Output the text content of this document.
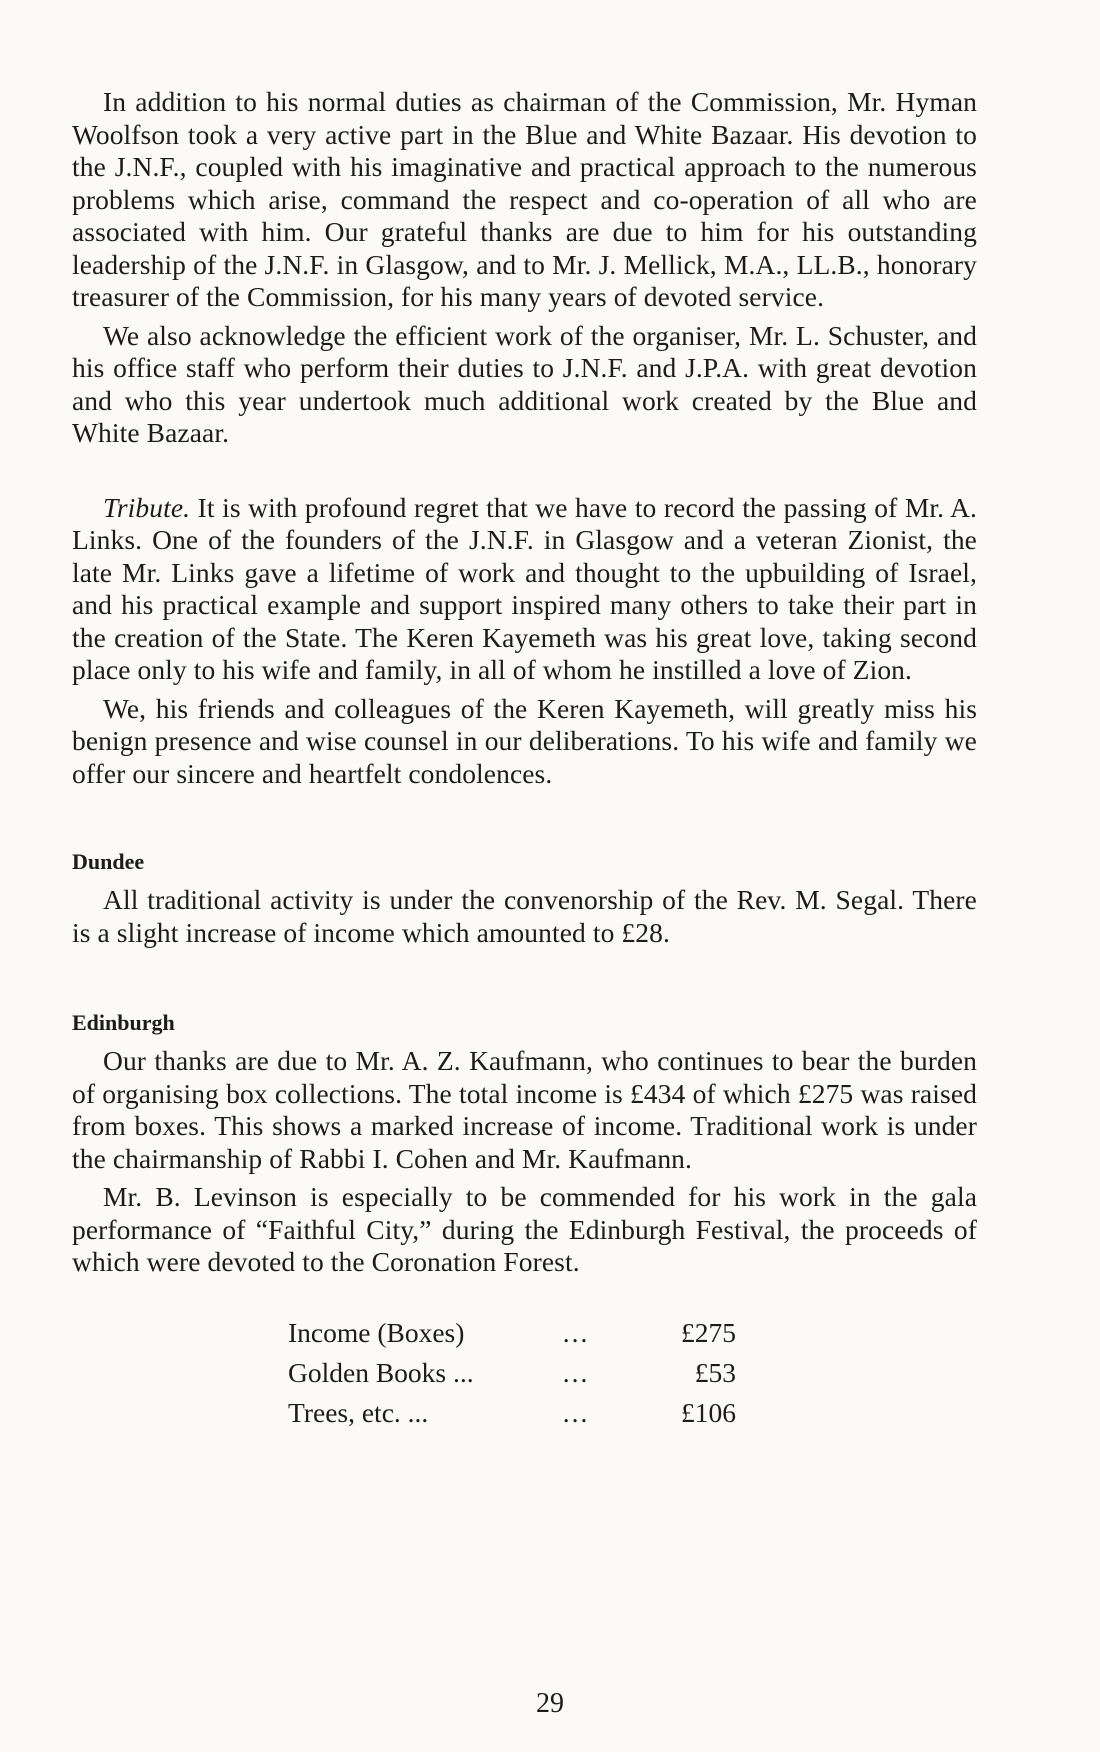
In addition to his normal duties as chairman of the Commission, Mr. Hyman Woolfson took a very active part in the Blue and White Bazaar. His devotion to the J.N.F., coupled with his imaginative and practical approach to the numerous problems which arise, command the respect and co-operation of all who are associated with him. Our grateful thanks are due to him for his outstanding leadership of the J.N.F. in Glasgow, and to Mr. J. Mellick, M.A., LL.B., honorary treasurer of the Commission, for his many years of devoted service.

We also acknowledge the efficient work of the organiser, Mr. L. Schuster, and his office staff who perform their duties to J.N.F. and J.P.A. with great devotion and who this year undertook much additional work created by the Blue and White Bazaar.

Tribute. It is with profound regret that we have to record the passing of Mr. A. Links. One of the founders of the J.N.F. in Glasgow and a veteran Zionist, the late Mr. Links gave a lifetime of work and thought to the upbuilding of Israel, and his practical example and support inspired many others to take their part in the creation of the State. The Keren Kayemeth was his great love, taking second place only to his wife and family, in all of whom he instilled a love of Zion.

We, his friends and colleagues of the Keren Kayemeth, will greatly miss his benign presence and wise counsel in our deliberations. To his wife and family we offer our sincere and heartfelt condolences.

Dundee

All traditional activity is under the convenorship of the Rev. M. Segal. There is a slight increase of income which amounted to £28.

Edinburgh

Our thanks are due to Mr. A. Z. Kaufmann, who continues to bear the burden of organising box collections. The total income is £434 of which £275 was raised from boxes. This shows a marked increase of income. Traditional work is under the chairmanship of Rabbi I. Cohen and Mr. Kaufmann.

Mr. B. Levinson is especially to be commended for his work in the gala performance of “Faithful City,” during the Edinburgh Festival, the proceeds of which were devoted to the Coronation Forest.

Income (Boxes)	...	£275
Golden Books ...	...	£53
Trees, etc. ...	...	£106
29
